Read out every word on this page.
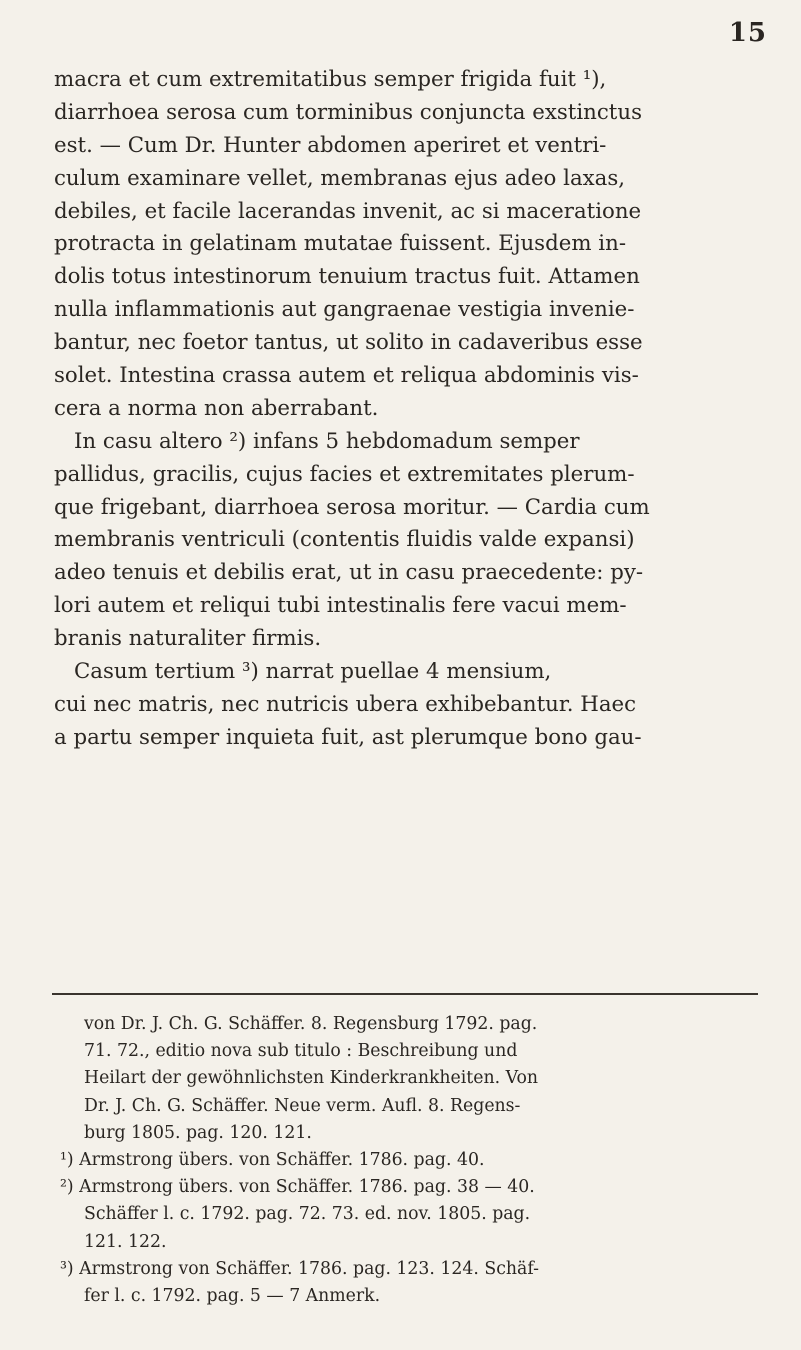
15
macra et cum extremitatibus semper frigida fuit ¹),
diarrhoea serosa cum torminibus conjuncta exstinctus
est. — Cum Dr. Hunter abdomen aperiret et ventri-
culum examinare vellet, membranas ejus adeo laxas,
debiles, et facile lacerandas invenit, ac si maceratione
protracta in gelatinam mutatae fuissent. Ejusdem in-
dolis totus intestinorum tenuium tractus fuit. Attamen
nulla inflammationis aut gangraenae vestigia invenie-
bantur, nec foetor tantus, ut solito in cadaveribus esse
solet. Intestina crassa autem et reliqua abdominis vis-
cera a norma non aberrabant.
In casu altero ²) infans 5 hebdomadum semper
pallidus, gracilis, cujus facies et extremitates plerum-
que frigebant, diarrhoea serosa moritur. — Cardia cum
membranis ventriculi (contentis fluidis valde expansi)
adeo tenuis et debilis erat, ut in casu praecedente: py-
lori autem et reliqui tubi intestinalis fere vacui mem-
branis naturaliter firmis.
Casum tertium ³) narrat puellae 4 mensium,
cui nec matris, nec nutricis ubera exhibebantur. Haec
a partu semper inquieta fuit, ast plerumque bono gau-
von Dr. J. Ch. G. Schäffer. 8. Regensburg 1792. pag.
71. 72., editio nova sub titulo : Beschreibung und
Heilart der gewöhnlichsten Kinderkrankheiten. Von
Dr. J. Ch. G. Schäffer. Neue verm. Aufl. 8. Regens-
burg 1805. pag. 120. 121.
¹) Armstrong übers. von Schäffer. 1786. pag. 40.
²) Armstrong übers. von Schäffer. 1786. pag. 38 — 40.
Schäffer l. c. 1792. pag. 72. 73. ed. nov. 1805. pag.
121. 122.
³) Armstrong von Schäffer. 1786. pag. 123. 124. Schäf-
fer l. c. 1792. pag. 5 — 7 Anmerk.
